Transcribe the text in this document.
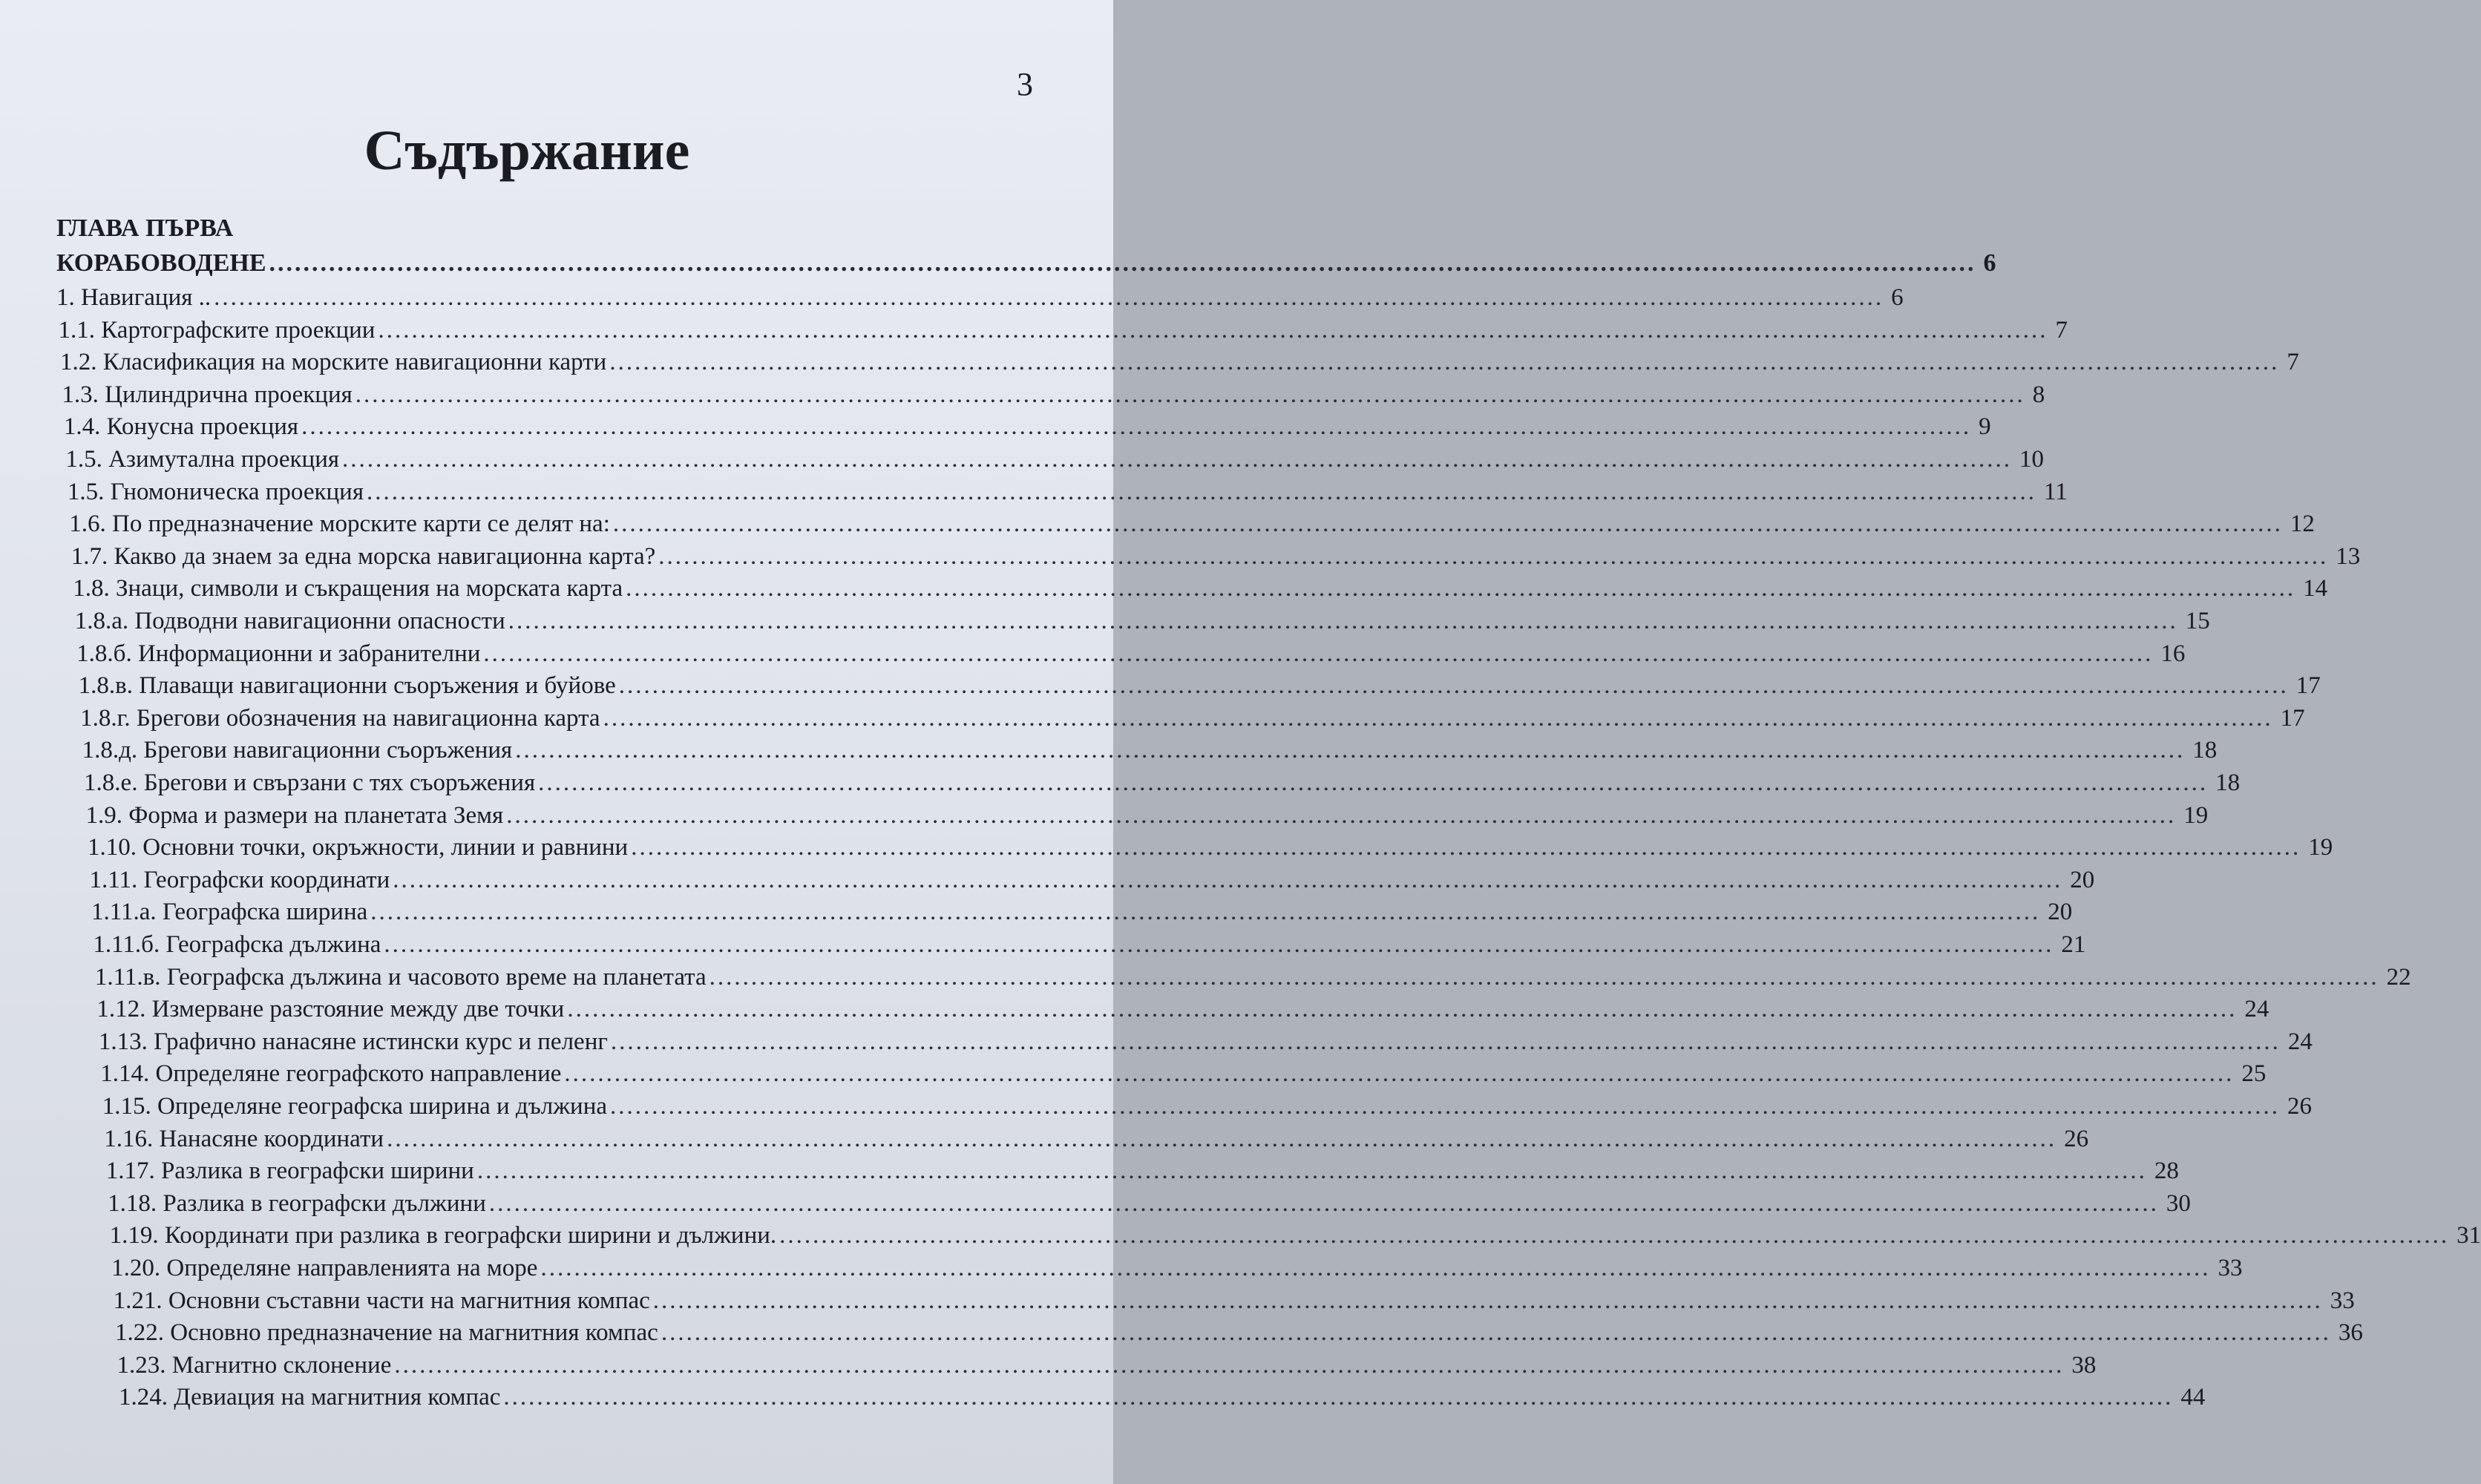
3
Съдържание
ГЛАВА ПЪРВА
КОРАБОВОДЕНЕ ........................................................................................................................................................................................................ 6
1. Навигация .. ........................................................................................................................................................................................................ 6
1.1. Картографските проекции ........................................................................................................................................................................................................ 7
1.2. Класификация на морските навигационни карти ........................................................................................................................................................................................................ 7
1.3. Цилиндрична проекция ........................................................................................................................................................................................................ 8
1.4. Конусна проекция ........................................................................................................................................................................................................ 9
1.5. Азимутална проекция ........................................................................................................................................................................................................ 10
1.5. Гномоническа проекция ........................................................................................................................................................................................................ 11
1.6. По предназначение морските карти се делят на: ........................................................................................................................................................................................................ 12
1.7. Какво да знаем за една морска навигационна карта? ........................................................................................................................................................................................................ 13
1.8. Знаци, символи и съкращения на морската карта ........................................................................................................................................................................................................ 14
1.8.а. Подводни навигационни опасности ........................................................................................................................................................................................................ 15
1.8.б. Информационни и забранителни ........................................................................................................................................................................................................ 16
1.8.в. Плаващи навигационни съоръжения и буйове ........................................................................................................................................................................................................ 17
1.8.г. Брегови обозначения на навигационна карта ........................................................................................................................................................................................................ 17
1.8.д. Брегови навигационни съоръжения ........................................................................................................................................................................................................ 18
1.8.е. Брегови и свързани с тях съоръжения ........................................................................................................................................................................................................ 18
1.9. Форма и размери на планетата Земя ........................................................................................................................................................................................................ 19
1.10. Основни точки, окръжности, линии и равнини ........................................................................................................................................................................................................ 19
1.11. Географски координати ........................................................................................................................................................................................................ 20
1.11.а. Географска ширина ........................................................................................................................................................................................................ 20
1.11.б. Географска дължина ........................................................................................................................................................................................................ 21
1.11.в. Географска дължина и часовото време на планетата ........................................................................................................................................................................................................ 22
1.12. Измерване разстояние между две точки ........................................................................................................................................................................................................ 24
1.13. Графично нанасяне истински курс и пеленг ........................................................................................................................................................................................................ 24
1.14. Определяне географското направление ........................................................................................................................................................................................................ 25
1.15. Определяне географска ширина и дължина ........................................................................................................................................................................................................ 26
1.16. Нанасяне координати ........................................................................................................................................................................................................ 26
1.17. Разлика в географски ширини ........................................................................................................................................................................................................ 28
1.18. Разлика в географски дължини ........................................................................................................................................................................................................ 30
1.19. Координати при разлика в географски ширини и дължини. ........................................................................................................................................................................................................ 31
1.20. Определяне направленията на море ........................................................................................................................................................................................................ 33
1.21. Основни съставни части на магнитния компас ........................................................................................................................................................................................................ 33
1.22. Основно предназначение на магнитния компас ........................................................................................................................................................................................................ 36
1.23. Магнитно склонение ........................................................................................................................................................................................................ 38
1.24. Девиация на магнитния компас ........................................................................................................................................................................................................ 44
